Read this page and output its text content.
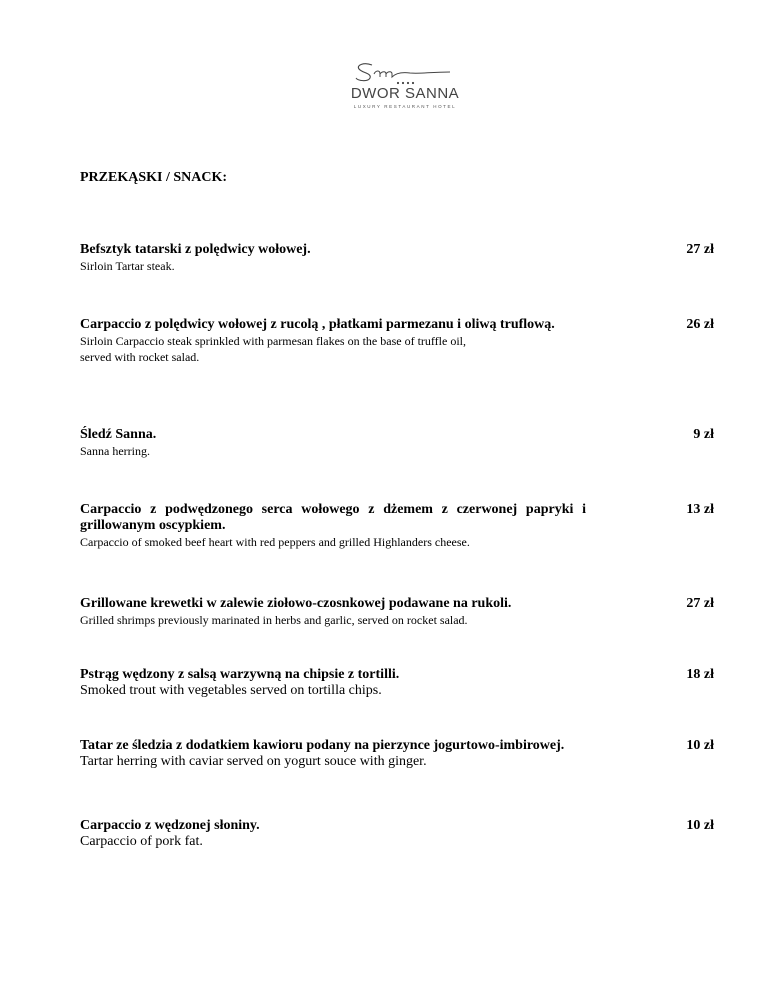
DWOR SANNA
LUXURY RESTAURANT HOTEL
PRZEKĄSKI / SNACK:
Befsztyk tatarski z polędwicy wołowej.
Sirloin Tartar steak.
27 zł
Carpaccio z polędwicy wołowej z rucolą , płatkami parmezanu i oliwą truflową.
Sirloin Carpaccio steak sprinkled with parmesan flakes on the base of truffle oil, served with rocket salad.
26 zł
Śledź Sanna.
Sanna herring.
9 zł
Carpaccio z podwędzonego serca wołowego z dżemem z czerwonej papryki i grillowanym oscypkiem.
Carpaccio of smoked beef heart with red peppers and grilled Highlanders cheese.
13 zł
Grillowane krewetki w zalewie ziołowo-czosnkowej podawane na rukoli.
Grilled shrimps previously marinated in herbs and garlic, served on rocket salad.
27 zł
Pstrąg wędzony z salsą warzywną na chipsie z tortilli.
Smoked trout with vegetables served on tortilla chips.
18 zł
Tatar ze śledzia z dodatkiem kawioru podany na pierzynce jogurtowo-imbirowej.
Tartar herring with caviar served on yogurt souce with ginger.
10 zł
Carpaccio z wędzonej słoniny.
Carpaccio of pork fat.
10 zł
